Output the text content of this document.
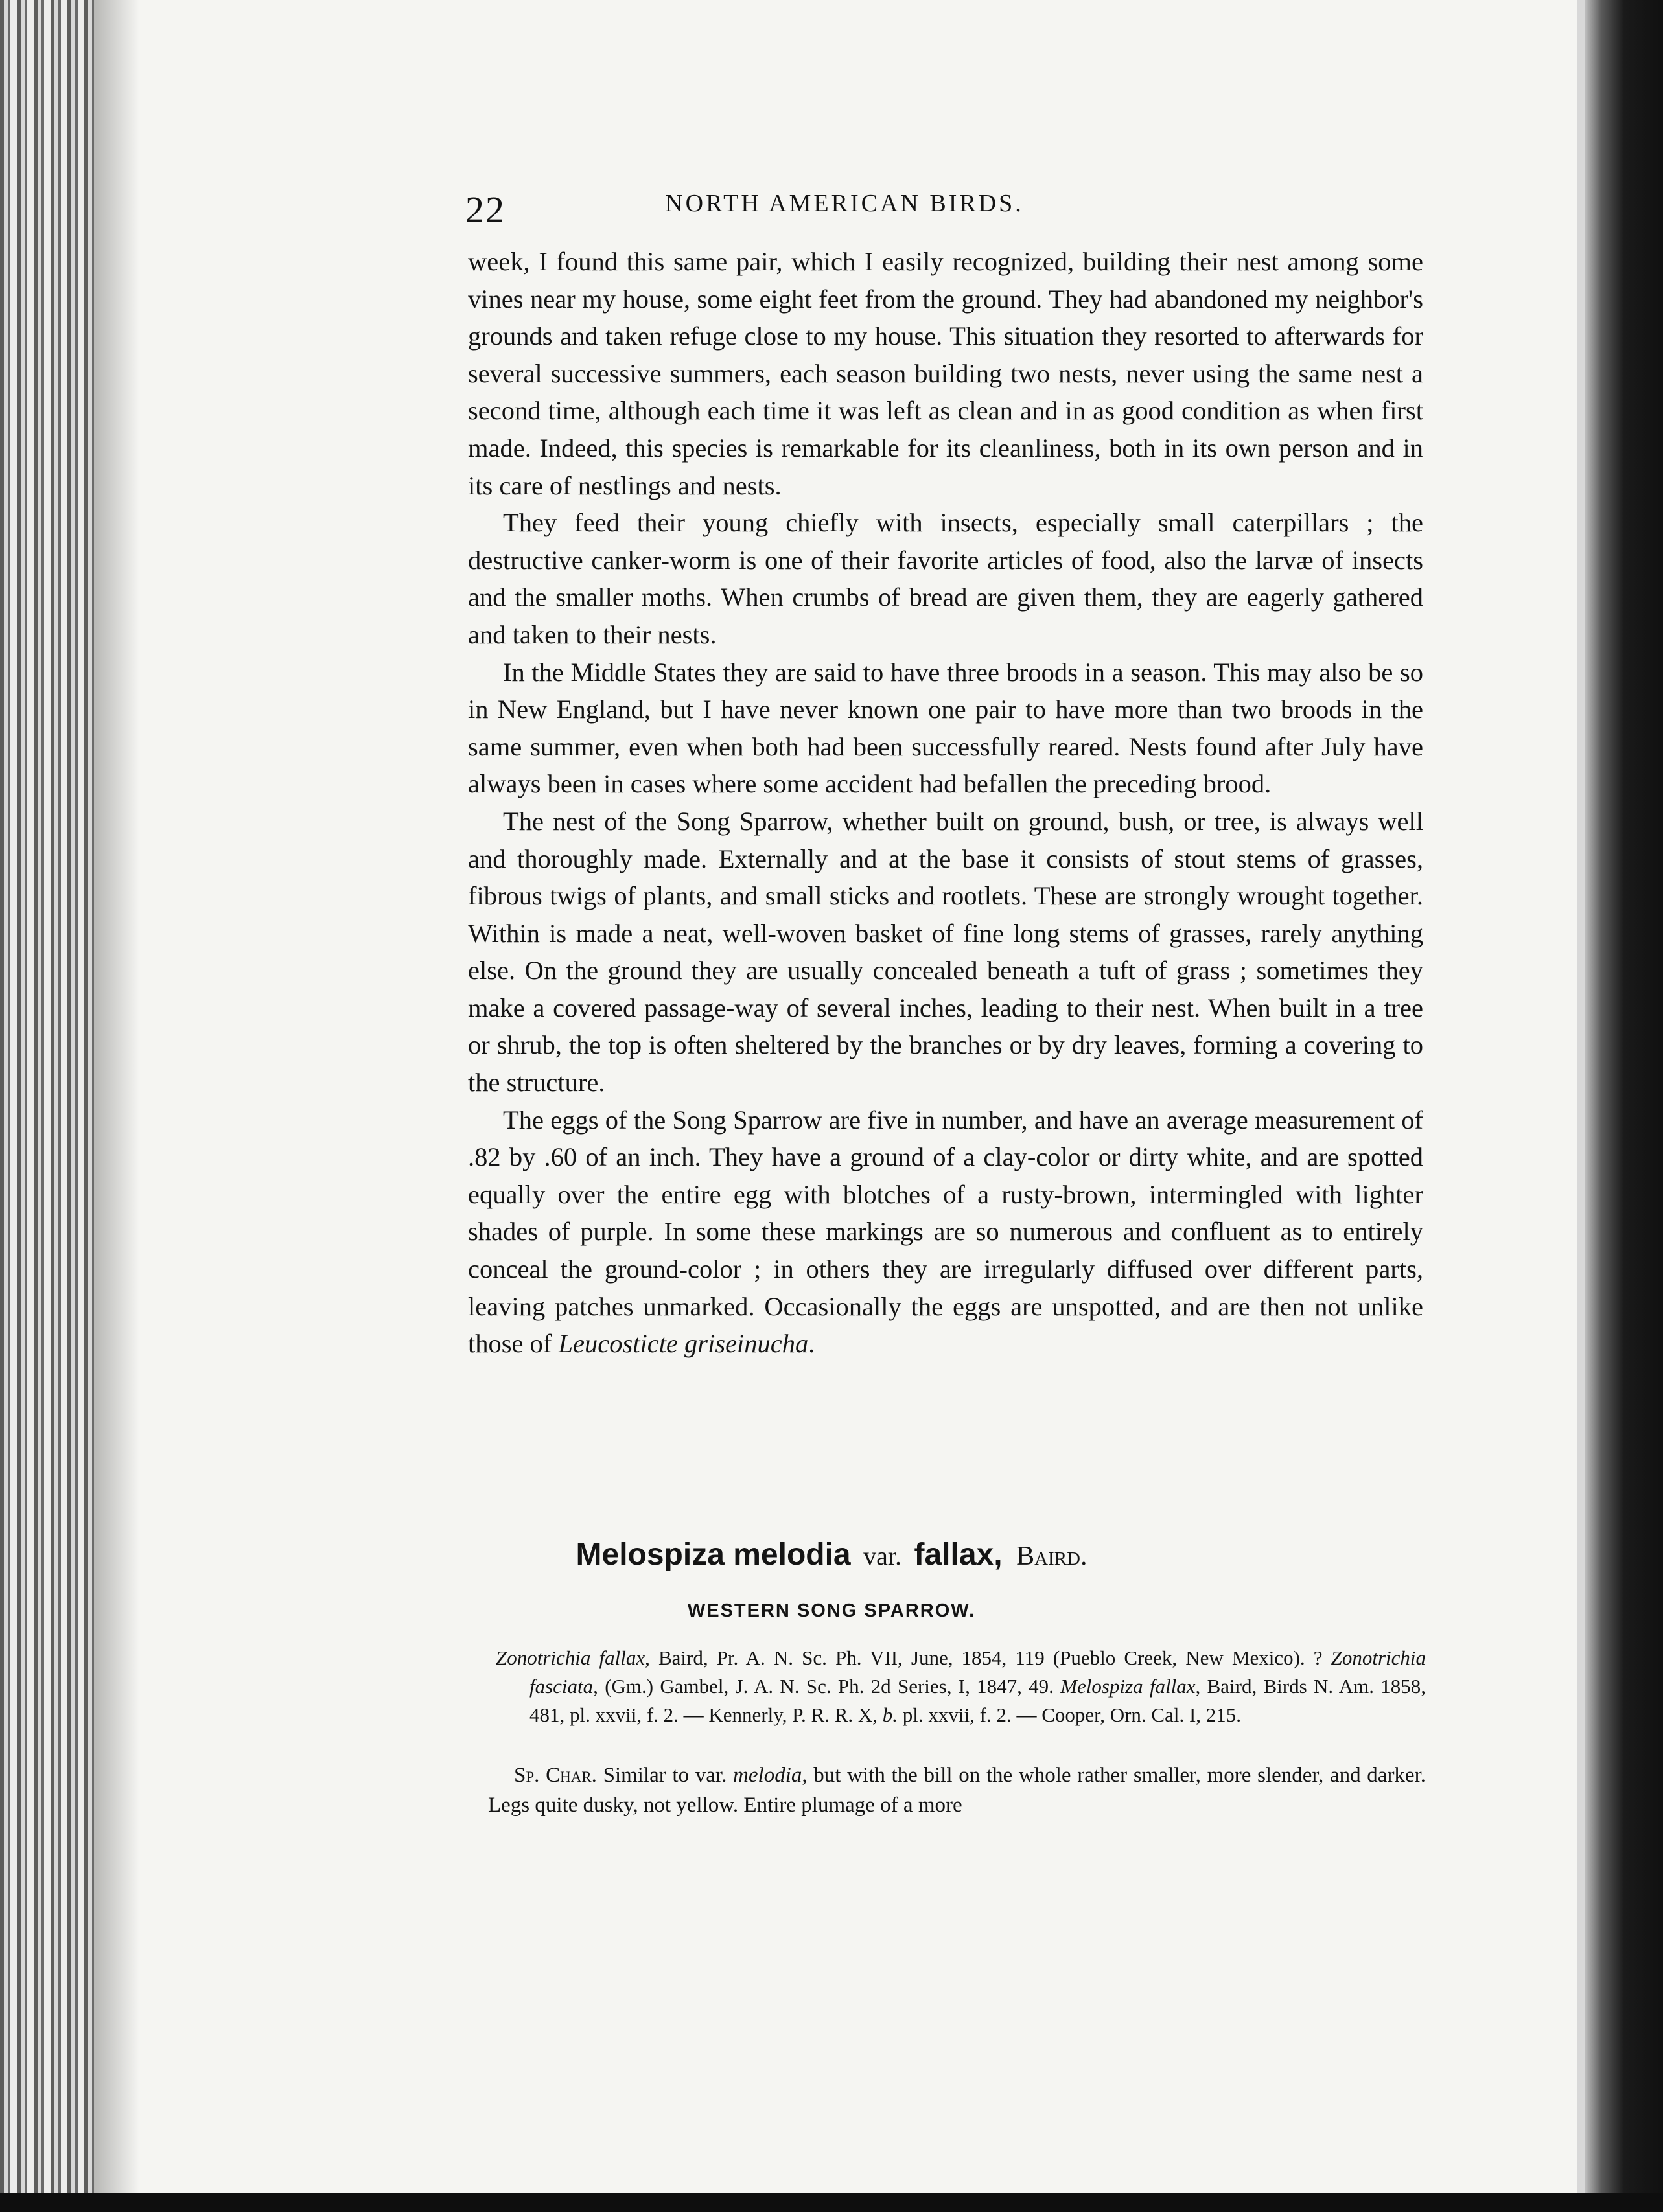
22	NORTH AMERICAN BIRDS.

week, I found this same pair, which I easily recognized, building their nest among some vines near my house, some eight feet from the ground. They had abandoned my neighbor's grounds and taken refuge close to my house. This situation they resorted to afterwards for several successive summers, each season building two nests, never using the same nest a second time, although each time it was left as clean and in as good condition as when first made. Indeed, this species is remarkable for its cleanliness, both in its own person and in its care of nestlings and nests.

They feed their young chiefly with insects, especially small caterpillars ; the destructive canker-worm is one of their favorite articles of food, also the larvæ of insects and the smaller moths. When crumbs of bread are given them, they are eagerly gathered and taken to their nests.

In the Middle States they are said to have three broods in a season. This may also be so in New England, but I have never known one pair to have more than two broods in the same summer, even when both had been successfully reared. Nests found after July have always been in cases where some accident had befallen the preceding brood.

The nest of the Song Sparrow, whether built on ground, bush, or tree, is always well and thoroughly made. Externally and at the base it consists of stout stems of grasses, fibrous twigs of plants, and small sticks and rootlets. These are strongly wrought together. Within is made a neat, well-woven basket of fine long stems of grasses, rarely anything else. On the ground they are usually concealed beneath a tuft of grass ; sometimes they make a covered passage-way of several inches, leading to their nest. When built in a tree or shrub, the top is often sheltered by the branches or by dry leaves, forming a covering to the structure.

The eggs of the Song Sparrow are five in number, and have an average measurement of .82 by .60 of an inch. They have a ground of a clay-color or dirty white, and are spotted equally over the entire egg with blotches of a rusty-brown, intermingled with lighter shades of purple. In some these markings are so numerous and confluent as to entirely conceal the ground-color ; in others they are irregularly diffused over different parts, leaving patches unmarked. Occasionally the eggs are unspotted, and are then not unlike those of Leucosticte griseinucha.

Melospiza melodia var. fallax, Baird.
WESTERN SONG SPARROW.

Zonotrichia fallax, Baird, Pr. A. N. Sc. Ph. VII, June, 1854, 119 (Pueblo Creek, New Mexico). ? Zonotrichia fasciata, (Gm.) Gambel, J. A. N. Sc. Ph. 2d Series, I, 1847, 49. Melospiza fallax, Baird, Birds N. Am. 1858, 481, pl. xxvii, f. 2. — Kennerly, P. R. R. X, b. pl. xxvii, f. 2. — Cooper, Orn. Cal. I, 215.

Sp. Char. Similar to var. melodia, but with the bill on the whole rather smaller, more slender, and darker. Legs quite dusky, not yellow. Entire plumage of a more
